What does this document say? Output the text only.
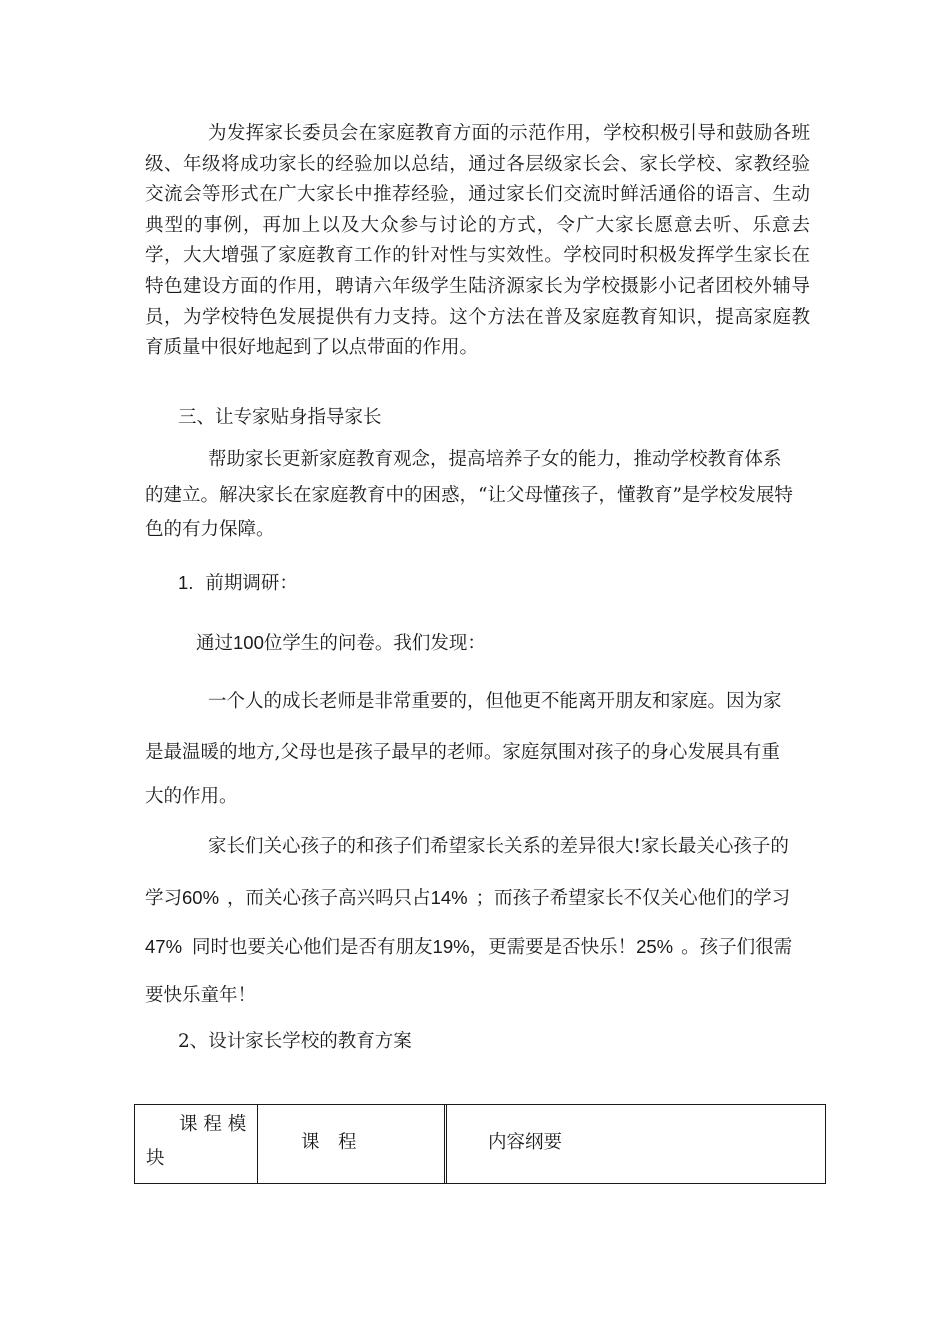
为发挥家长委员会在家庭教育方面的示范作用，学校积极引导和鼓励各班级、年级将成功家长的经验加以总结，通过各层级家长会、家长学校、家教经验交流会等形式在广大家长中推荐经验，通过家长们交流时鲜活通俗的语言、生动典型的事例，再加上以及大众参与讨论的方式，令广大家长愿意去听、乐意去学，大大增强了家庭教育工作的针对性与实效性。学校同时积极发挥学生家长在特色建设方面的作用，聘请六年级学生陆济源家长为学校摄影小记者团校外辅导员，为学校特色发展提供有力支持。这个方法在普及家庭教育知识，提高家庭教育质量中很好地起到了以点带面的作用。
三、让专家贴身指导家长
帮助家长更新家庭教育观念，提高培养子女的能力，推动学校教育体系
的建立。解决家长在家庭教育中的困惑，“让父母懂孩子，懂教育”是学校发展特
色的有力保障。
1. 前期调研：
通过100位学生的问卷。我们发现：
一个人的成长老师是非常重要的，但他更不能离开朋友和家庭。因为家
是最温暖的地方,父母也是孩子最早的老师。家庭氛围对孩子的身心发展具有重
大的作用。
家长们关心孩子的和孩子们希望家长关系的差异很大!家长最关心孩子的
学习60% ，而关心孩子高兴吗只占14% ；而孩子希望家长不仅关心他们的学习
47% 同时也要关心他们是否有朋友19%，更需要是否快乐！25% 。孩子们很需
要快乐童年！
2、设计家长学校的教育方案
课 程 模
块
课　程	内容纲要
